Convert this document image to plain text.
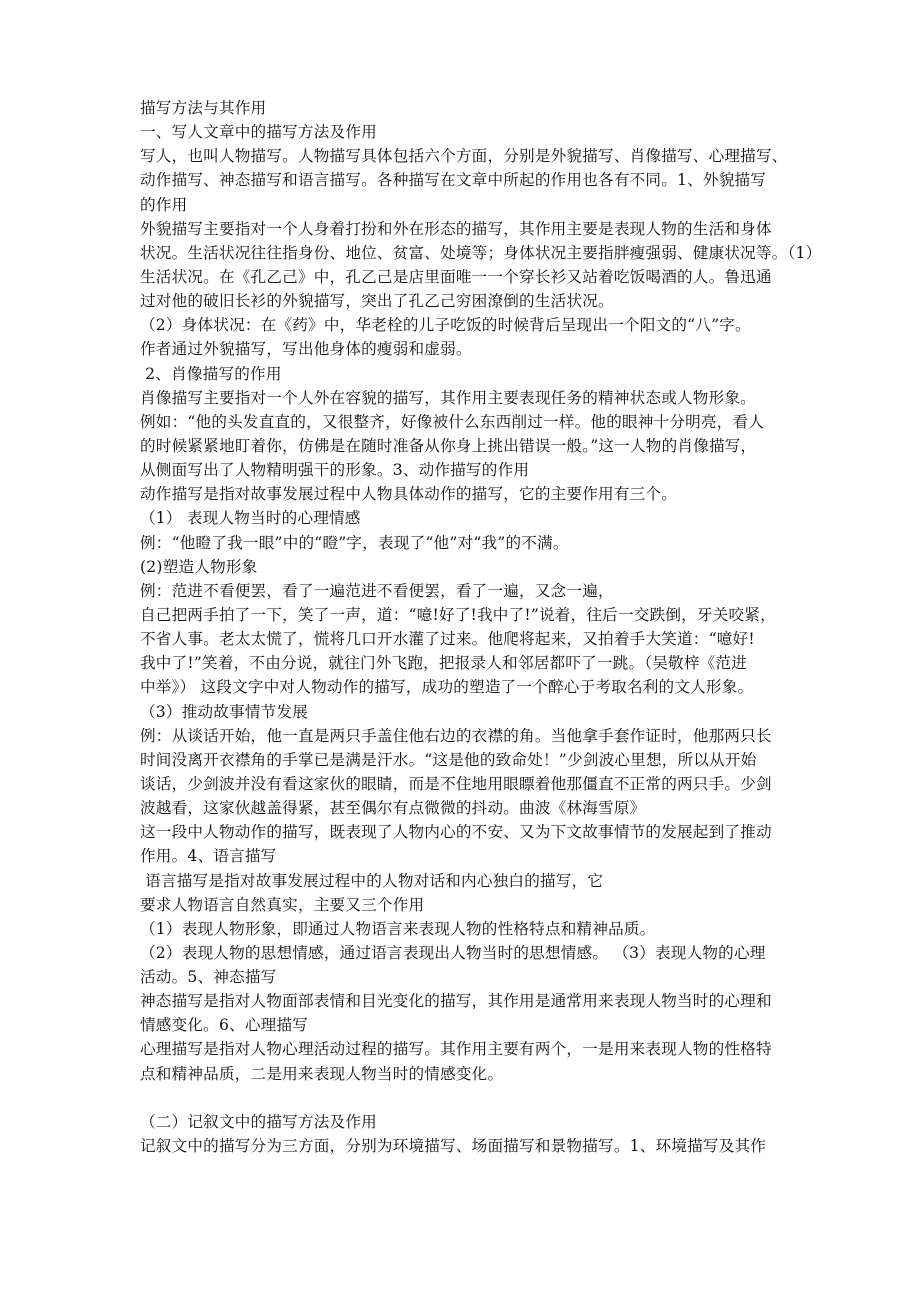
描写方法与其作用
一、写人文章中的描写方法及作用
写人，也叫人物描写。人物描写具体包括六个方面，分别是外貌描写、肖像描写、心理描写、
动作描写、神态描写和语言描写。各种描写在文章中所起的作用也各有不同。1、外貌描写
的作用
外貌描写主要指对一个人身着打扮和外在形态的描写，其作用主要是表现人物的生活和身体
状况。生活状况往往指身份、地位、贫富、处境等；身体状况主要指胖瘦强弱、健康状况等。（1）
生活状况。在《孔乙己》中，孔乙己是店里面唯一一个穿长衫又站着吃饭喝酒的人。鲁迅通
过对他的破旧长衫的外貌描写，突出了孔乙己穷困潦倒的生活状况。
（2）身体状况：在《药》中，华老栓的儿子吃饭的时候背后呈现出一个阳文的“八”字。
作者通过外貌描写，写出他身体的瘦弱和虚弱。
2、肖像描写的作用
肖像描写主要指对一个人外在容貌的描写，其作用主要表现任务的精神状态或人物形象。
例如：“他的头发直直的，又很整齐，好像被什么东西削过一样。他的眼神十分明亮，看人
的时候紧紧地盯着你，仿佛是在随时准备从你身上挑出错误一般。”这一人物的肖像描写，
从侧面写出了人物精明强干的形象。3、动作描写的作用
动作描写是指对故事发展过程中人物具体动作的描写，它的主要作用有三个。
（1） 表现人物当时的心理情感
例：“他瞪了我一眼”中的“瞪”字，表现了“他”对“我”的不满。
(2)塑造人物形象
例：范进不看便罢，看了一遍范进不看便罢，看了一遍，又念一遍，
自己把两手拍了一下，笑了一声，道：“噫!好了!我中了!”说着，往后一交跌倒，牙关咬紧，
不省人事。老太太慌了，慌将几口开水灌了过来。他爬将起来，又拍着手大笑道：“噫好!
我中了!”笑着，不由分说，就往门外飞跑，把报录人和邻居都吓了一跳。（吴敬梓《范进
中举》） 这段文字中对人物动作的描写，成功的塑造了一个醉心于考取名利的文人形象。
（3）推动故事情节发展
例：从谈话开始，他一直是两只手盖住他右边的衣襟的角。当他拿手套作证时，他那两只长
时间没离开衣襟角的手掌已是满是汗水。“这是他的致命处！”少剑波心里想，所以从开始
谈话，少剑波并没有看这家伙的眼睛，而是不住地用眼瞟着他那僵直不正常的两只手。少剑
波越看，这家伙越盖得紧，甚至偶尔有点微微的抖动。曲波《林海雪原》
这一段中人物动作的描写，既表现了人物内心的不安、又为下文故事情节的发展起到了推动
作用。4、语言描写
语言描写是指对故事发展过程中的人物对话和内心独白的描写，它
要求人物语言自然真实，主要又三个作用
（1）表现人物形象，即通过人物语言来表现人物的性格特点和精神品质。
（2）表现人物的思想情感，通过语言表现出人物当时的思想情感。 （3）表现人物的心理
活动。5、神态描写
神态描写是指对人物面部表情和目光变化的描写，其作用是通常用来表现人物当时的心理和
情感变化。6、心理描写
心理描写是指对人物心理活动过程的描写。其作用主要有两个，一是用来表现人物的性格特
点和精神品质，二是用来表现人物当时的情感变化。
（二）记叙文中的描写方法及作用
记叙文中的描写分为三方面，分别为环境描写、场面描写和景物描写。1、环境描写及其作
